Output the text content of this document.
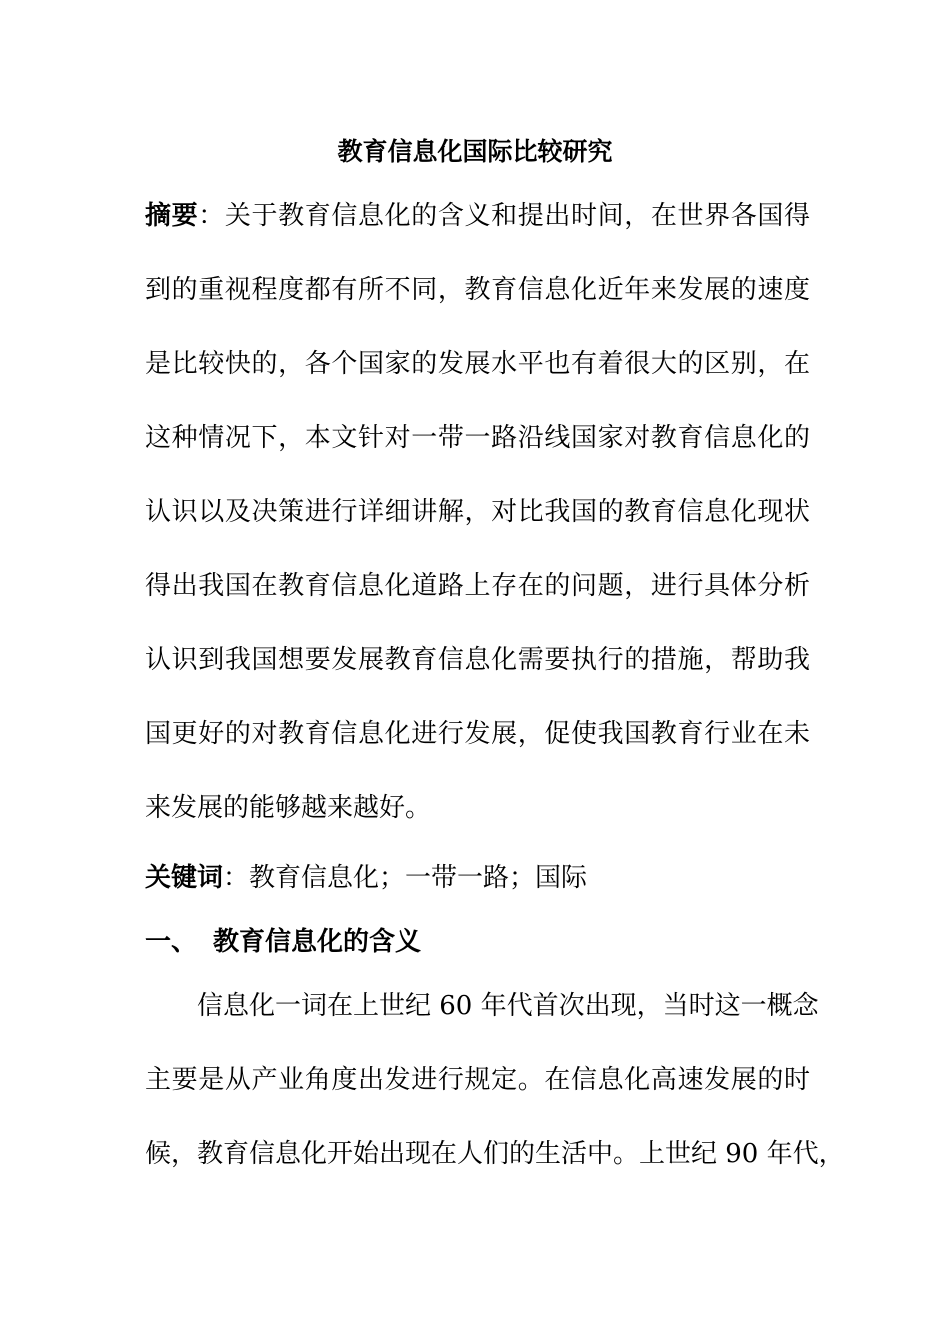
教育信息化国际比较研究
摘要：关于教育信息化的含义和提出时间，在世界各国得
到的重视程度都有所不同，教育信息化近年来发展的速度
是比较快的，各个国家的发展水平也有着很大的区别，在
这种情况下，本文针对一带一路沿线国家对教育信息化的
认识以及决策进行详细讲解，对比我国的教育信息化现状
得出我国在教育信息化道路上存在的问题，进行具体分析
认识到我国想要发展教育信息化需要执行的措施，帮助我
国更好的对教育信息化进行发展，促使我国教育行业在未
来发展的能够越来越好。
关键词：教育信息化；一带一路；国际
一、 教育信息化的含义
信息化一词在上世纪 60 年代首次出现，当时这一概念
主要是从产业角度出发进行规定。在信息化高速发展的时
候，教育信息化开始出现在人们的生活中。上世纪 90 年代，
